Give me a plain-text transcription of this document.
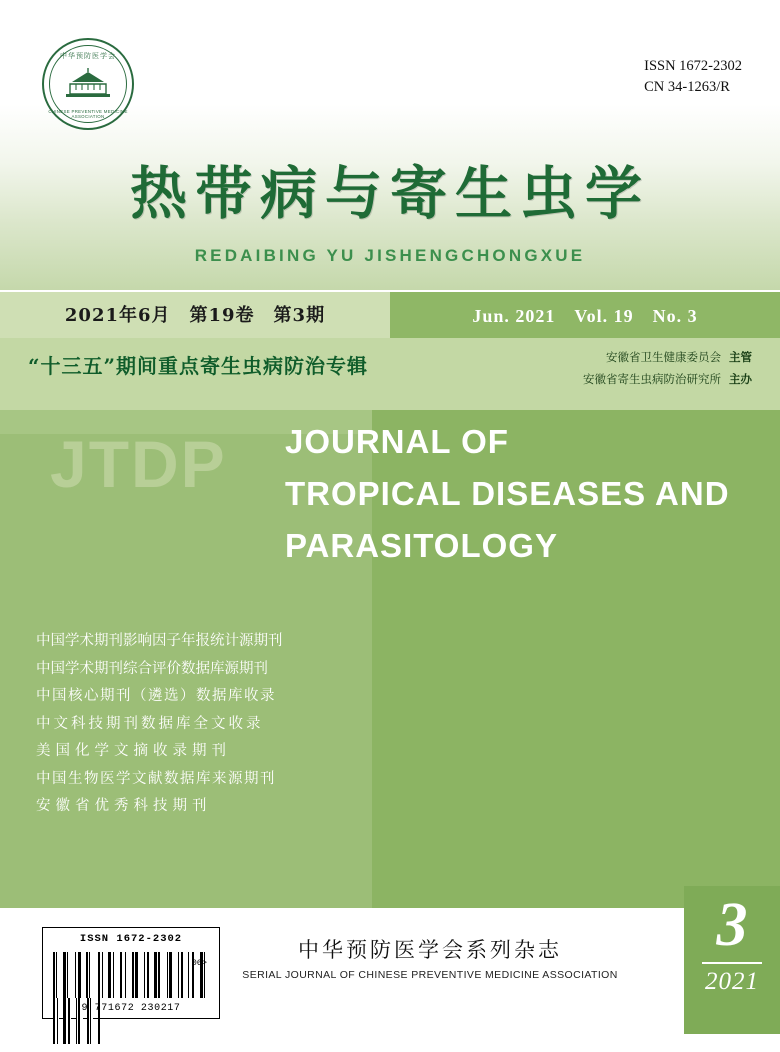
中华预防医学会
CHINESE PREVENTIVE MEDICINE ASSOCIATION
ISSN 1672-2302
CN 34-1263/R
热带病与寄生虫学
REDAIBING YU JISHENGCHONGXUE
2021年6月　第19卷　第3期	Jun. 2021　Vol. 19　No. 3
“十三五”期间重点寄生虫病防治专辑	安徽省卫生健康委员会 主管
安徽省寄生虫病防治研究所 主办
JTDP JOURNAL OF
TROPICAL DISEASES AND
PARASITOLOGY
中国学术期刊影响因子年报统计源期刊
中国学术期刊综合评价数据库源期刊
中国核心期刊（遴选）数据库收录
中文科技期刊数据库全文收录
美国化学文摘收录期刊
中国生物医学文献数据库来源期刊
安徽省优秀科技期刊
ISSN 1672-2302

06>
9 771672 230217
中华预防医学会系列杂志
SERIAL JOURNAL OF CHINESE PREVENTIVE MEDICINE ASSOCIATION
3
2021
